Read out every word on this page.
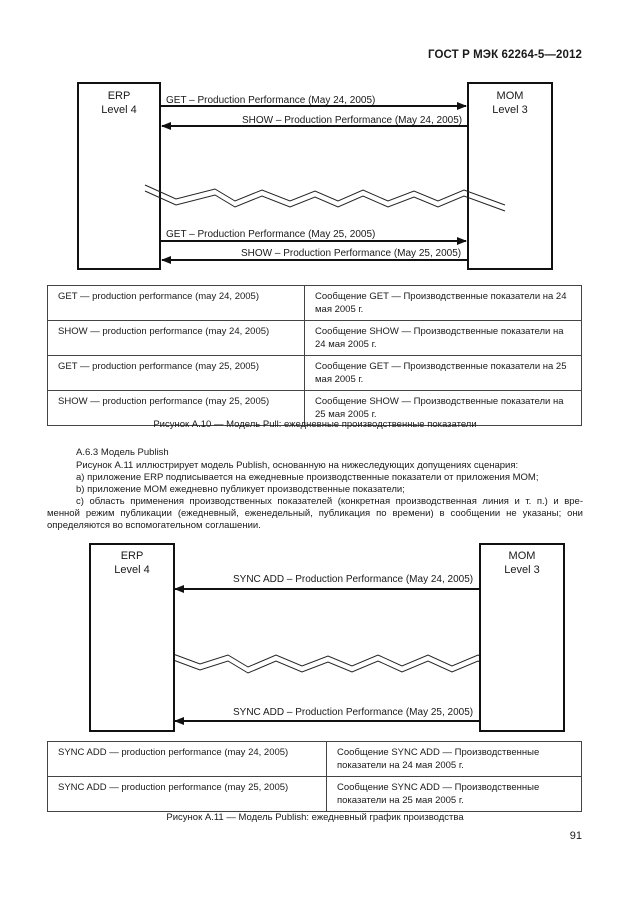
ГОСТ Р МЭК 62264-5—2012
ERP
Level 4
MOM
Level 3
GET – Production Performance (May 24, 2005)
SHOW – Production Performance (May 24, 2005)
GET – Production Performance (May 25, 2005)
SHOW – Production Performance (May 25, 2005)
GET — production performance (may 24, 2005)	Сообщение GET — Производственные показатели на 24 мая 2005 г.
SHOW — production performance (may 24, 2005)	Сообщение SHOW — Производственные показатели на 24 мая 2005 г.
GET — production performance (may 25, 2005)	Сообщение GET — Производственные показатели на 25 мая 2005 г.
SHOW — production performance (may 25, 2005)	Сообщение SHOW — Производственные показатели на 25 мая 2005 г.
Рисунок А.10 — Модель Pull: ежедневные производственные показатели
A.6.3 Модель Publish
Рисунок А.11 иллюстрирует модель Publish, основанную на нижеследующих допущениях сценария:
a) приложение ERP подписывается на ежедневные производственные показатели от приложения MOM;
b) приложение MOM ежедневно публикует производственные показатели;
c) область применения производственных показателей (конкретная производственная линия и т. п.) и вре-
менной режим публикации (ежедневный, еженедельный, публикация по времени) в сообщении не указаны; они
определяются во вспомогательном соглашении.
ERP
Level 4
MOM
Level 3
SYNC ADD – Production Performance (May 24, 2005)
SYNC ADD – Production Performance (May 25, 2005)
SYNC ADD — production performance (may 24, 2005)	Сообщение SYNC ADD — Производственные показатели на 24 мая 2005 г.
SYNC ADD — production performance (may 25, 2005)	Сообщение SYNC ADD — Производственные показатели на 25 мая 2005 г.
Рисунок А.11 — Модель Publish: ежедневный график производства
91
